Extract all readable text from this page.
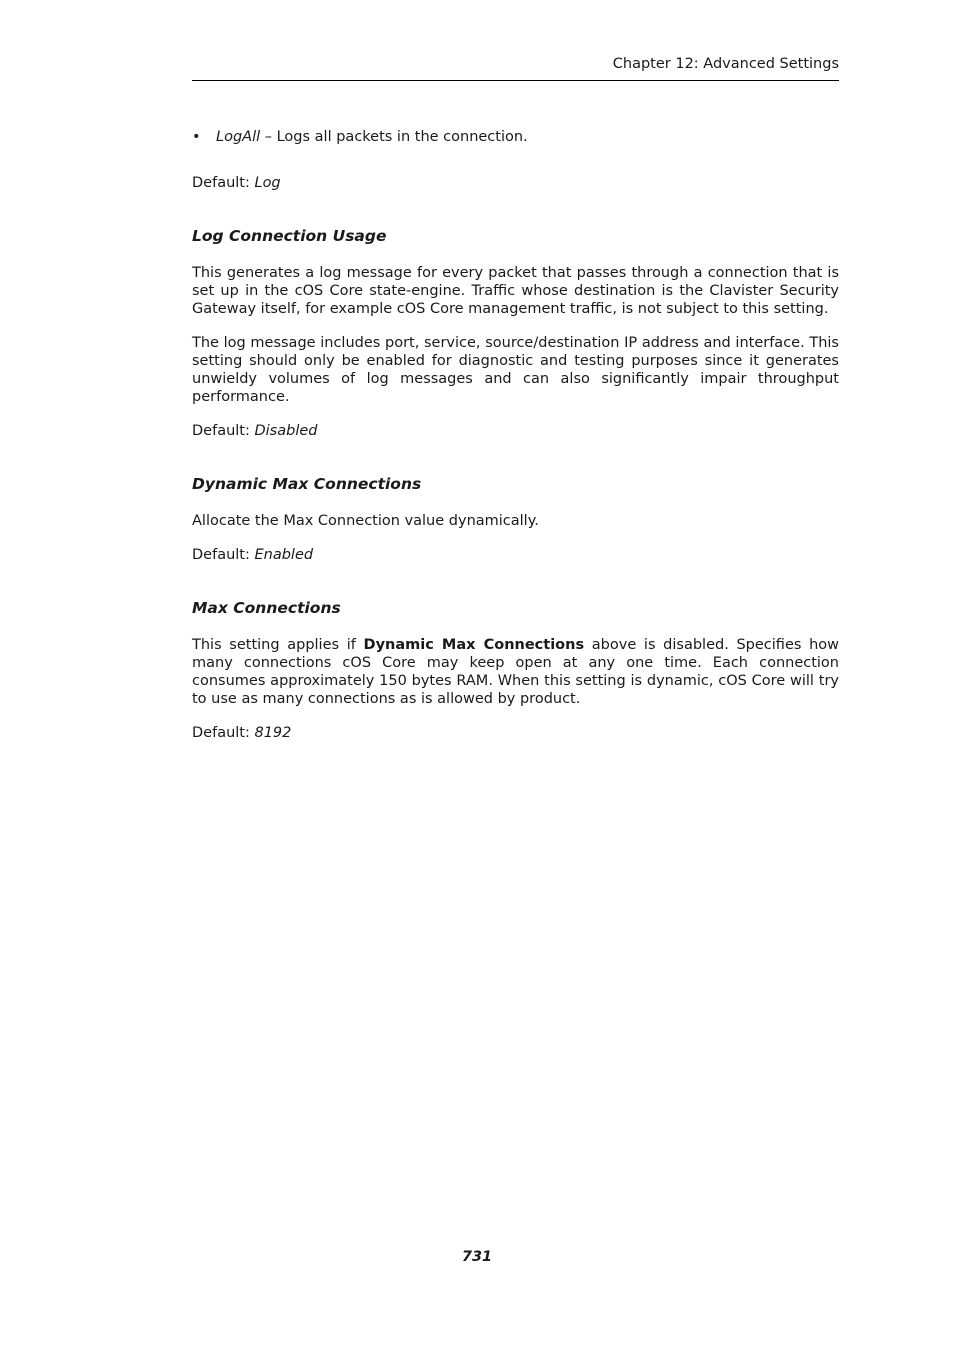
Chapter 12: Advanced Settings
• LogAll – Logs all packets in the connection.

Default: Log

Log Connection Usage

This generates a log message for every packet that passes through a connection that is set up in the cOS Core state-engine. Traffic whose destination is the Clavister Security Gateway itself, for example cOS Core management traffic, is not subject to this setting.

The log message includes port, service, source/destination IP address and interface. This setting should only be enabled for diagnostic and testing purposes since it generates unwieldy volumes of log messages and can also significantly impair throughput performance.

Default: Disabled

Dynamic Max Connections

Allocate the Max Connection value dynamically.

Default: Enabled

Max Connections

This setting applies if Dynamic Max Connections above is disabled. Specifies how many connections cOS Core may keep open at any one time. Each connection consumes approximately 150 bytes RAM. When this setting is dynamic, cOS Core will try to use as many connections as is allowed by product.

Default: 8192

731
